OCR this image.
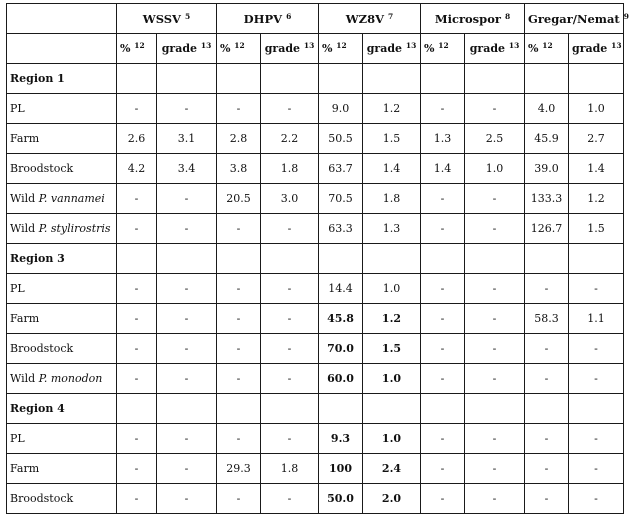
	WSSV $^5$		DHPV $^6$		WZ8V $^7$		Microspor $^8$		Gregar/Nemat $^9$
	% $^{12}$	grade $^{13}$	% $^{12}$	grade $^{13}$	% $^{12}$	grade $^{13}$	% $^{12}$	grade $^{13}$	% $^{12}$	grade $^{13}$
Region 1										
PL	-	-	-	-	9.0	1.2	-	-	4.0	1.0
Farm	2.6	3.1	2.8	2.2	50.5	1.5	1.3	2.5	45.9	2.7
Broodstock	4.2	3.4	3.8	1.8	63.7	1.4	1.4	1.0	39.0	1.4
Wild P. vannamei	-	-	20.5	3.0	70.5	1.8	-	-	133.3	1.2
Wild P. stylirostris	-	-	-	-	63.3	1.3	-	-	126.7	1.5
Region 3										
PL	-	-	-	-	14.4	1.0	-	-	-	-
Farm	-	-	-	-	45.8	1.2	-	-	58.3	1.1
Broodstock	-	-	-	-	70.0	1.5	-	-	-	-
Wild P. monodon	-	-	-	-	60.0	1.0	-	-	-	-
Region 4										
PL	-	-	-	-	9.3	1.0	-	-	-	-
Farm	-	-	29.3	1.8	100	2.4	-	-	-	-
Broodstock	-	-	-	-	50.0	2.0	-	-	-	-
